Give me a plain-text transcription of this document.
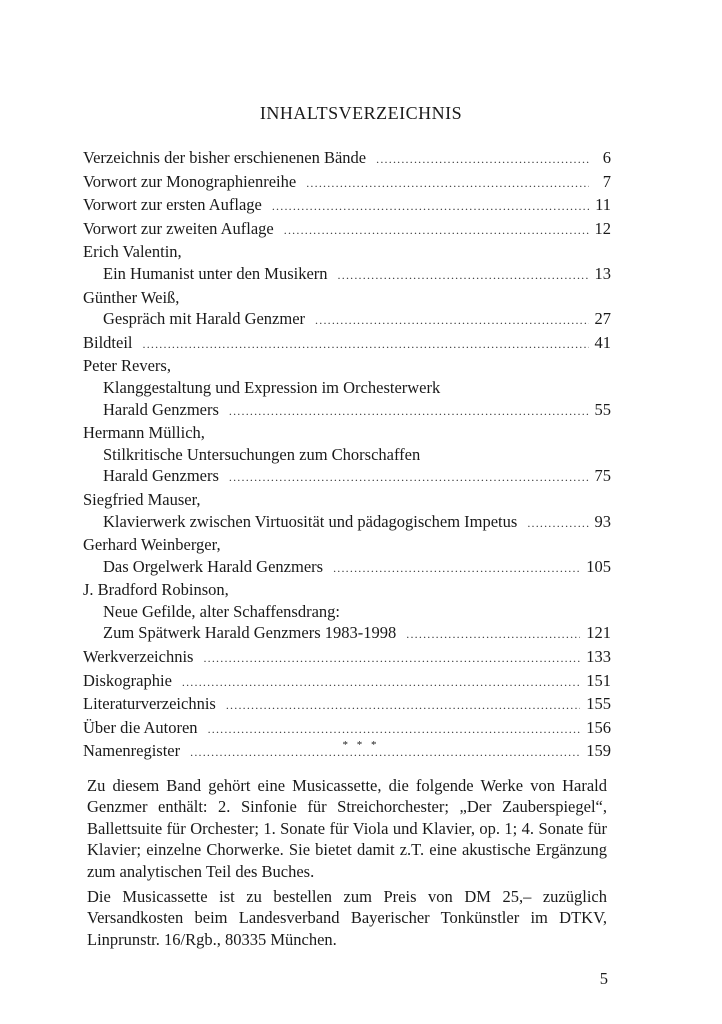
INHALTSVERZEICHNIS
Verzeichnis der bisher erschienenen Bände .....	6
Vorwort zur Monographienreihe .....	7
Vorwort zur ersten Auflage .....	11
Vorwort zur zweiten Auflage .....	12
Erich Valentin,
Ein Humanist unter den Musikern .....	13
Günther Weiß,
Gespräch mit Harald Genzmer .....	27
Bildteil .....	41
Peter Revers,
Klanggestaltung und Expression im Orchesterwerk
Harald Genzmers .....	55
Hermann Müllich,
Stilkritische Untersuchungen zum Chorschaffen
Harald Genzmers .....	75
Siegfried Mauser,
Klavierwerk zwischen Virtuosität und pädagogischem Impetus .....	93
Gerhard Weinberger,
Das Orgelwerk Harald Genzmers .....	105
J. Bradford Robinson,
Neue Gefilde, alter Schaffensdrang:
Zum Spätwerk Harald Genzmers 1983-1998 .....	121
Werkverzeichnis .....	133
Diskographie .....	151
Literaturverzeichnis .....	155
Über die Autoren .....	156
Namenregister .....	159
* * *

Zu diesem Band gehört eine Musicassette, die folgende Werke von Harald Genzmer enthält: 2. Sinfonie für Streichorchester; „Der Zauberspiegel“, Ballettsuite für Orchester; 1. Sonate für Viola und Klavier, op. 1; 4. Sonate für Klavier; einzelne Chorwerke. Sie bietet damit z.T. eine akustische Ergänzung zum analytischen Teil des Buches.

Die Musicassette ist zu bestellen zum Preis von DM 25,– zuzüglich Versandkosten beim Landesverband Bayerischer Tonkünstler im DTKV, Linprunstr. 16/Rgb., 80335 München.

5
